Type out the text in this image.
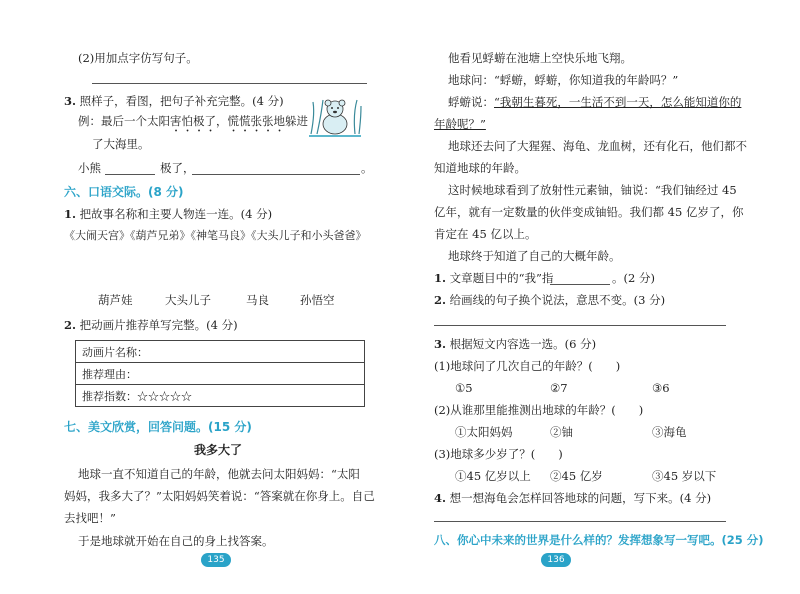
(2)用加点字仿写句子。
3. 照样子，看图，把句子补充完整。(4 分)
例：最后一个太阳害怕极了，慌慌张张地躲进
了大海里。
小熊	极了，	。
六、口语交际。(8 分)
1. 把故事名称和主要人物连一连。(4 分)
《大闹天宫》《葫芦兄弟》《神笔马良》《大头儿子和小头爸爸》
葫芦娃	大头儿子	马良	孙悟空
2. 把动画片推荐单写完整。(4 分)
动画片名称：
推荐理由：
推荐指数：☆☆☆☆☆
七、美文欣赏，回答问题。(15 分)
我多大了
地球一直不知道自己的年龄，他就去问太阳妈妈：“太阳
妈妈，我多大了？”太阳妈妈笑着说：“答案就在你身上。自己
去找吧！”
于是地球就开始在自己的身上找答案。
135
他看见蜉蝣在池塘上空快乐地飞翔。
地球问：“蜉蝣，蜉蝣，你知道我的年龄吗？”
蜉蝣说：“我朝生暮死，一生活不到一天，怎么能知道你的
年龄呢？”
地球还去问了大猩猩、海龟、龙血树，还有化石，他们都不
知道地球的年龄。
这时候地球看到了放射性元素铀，铀说：“我们铀经过 45
亿年，就有一定数量的伙伴变成铀铅。我们都 45 亿岁了，你
肯定在 45 亿以上。
地球终于知道了自己的大概年龄。
1. 文章题目中的“我”指	。(2 分)
2. 给画线的句子换个说法，意思不变。(3 分)
3. 根据短文内容选一选。(6 分)
(1)地球问了几次自己的年龄？(　　)
①5	②7	③6
(2)从谁那里能推测出地球的年龄？(　　)
①太阳妈妈	②铀	③海龟
(3)地球多少岁了？(　　)
①45 亿岁以上 ②45 亿岁	③45 岁以下
4. 想一想海龟会怎样回答地球的问题，写下来。(4 分)
八、你心中未来的世界是什么样的？发挥想象写一写吧。(25 分)
136
